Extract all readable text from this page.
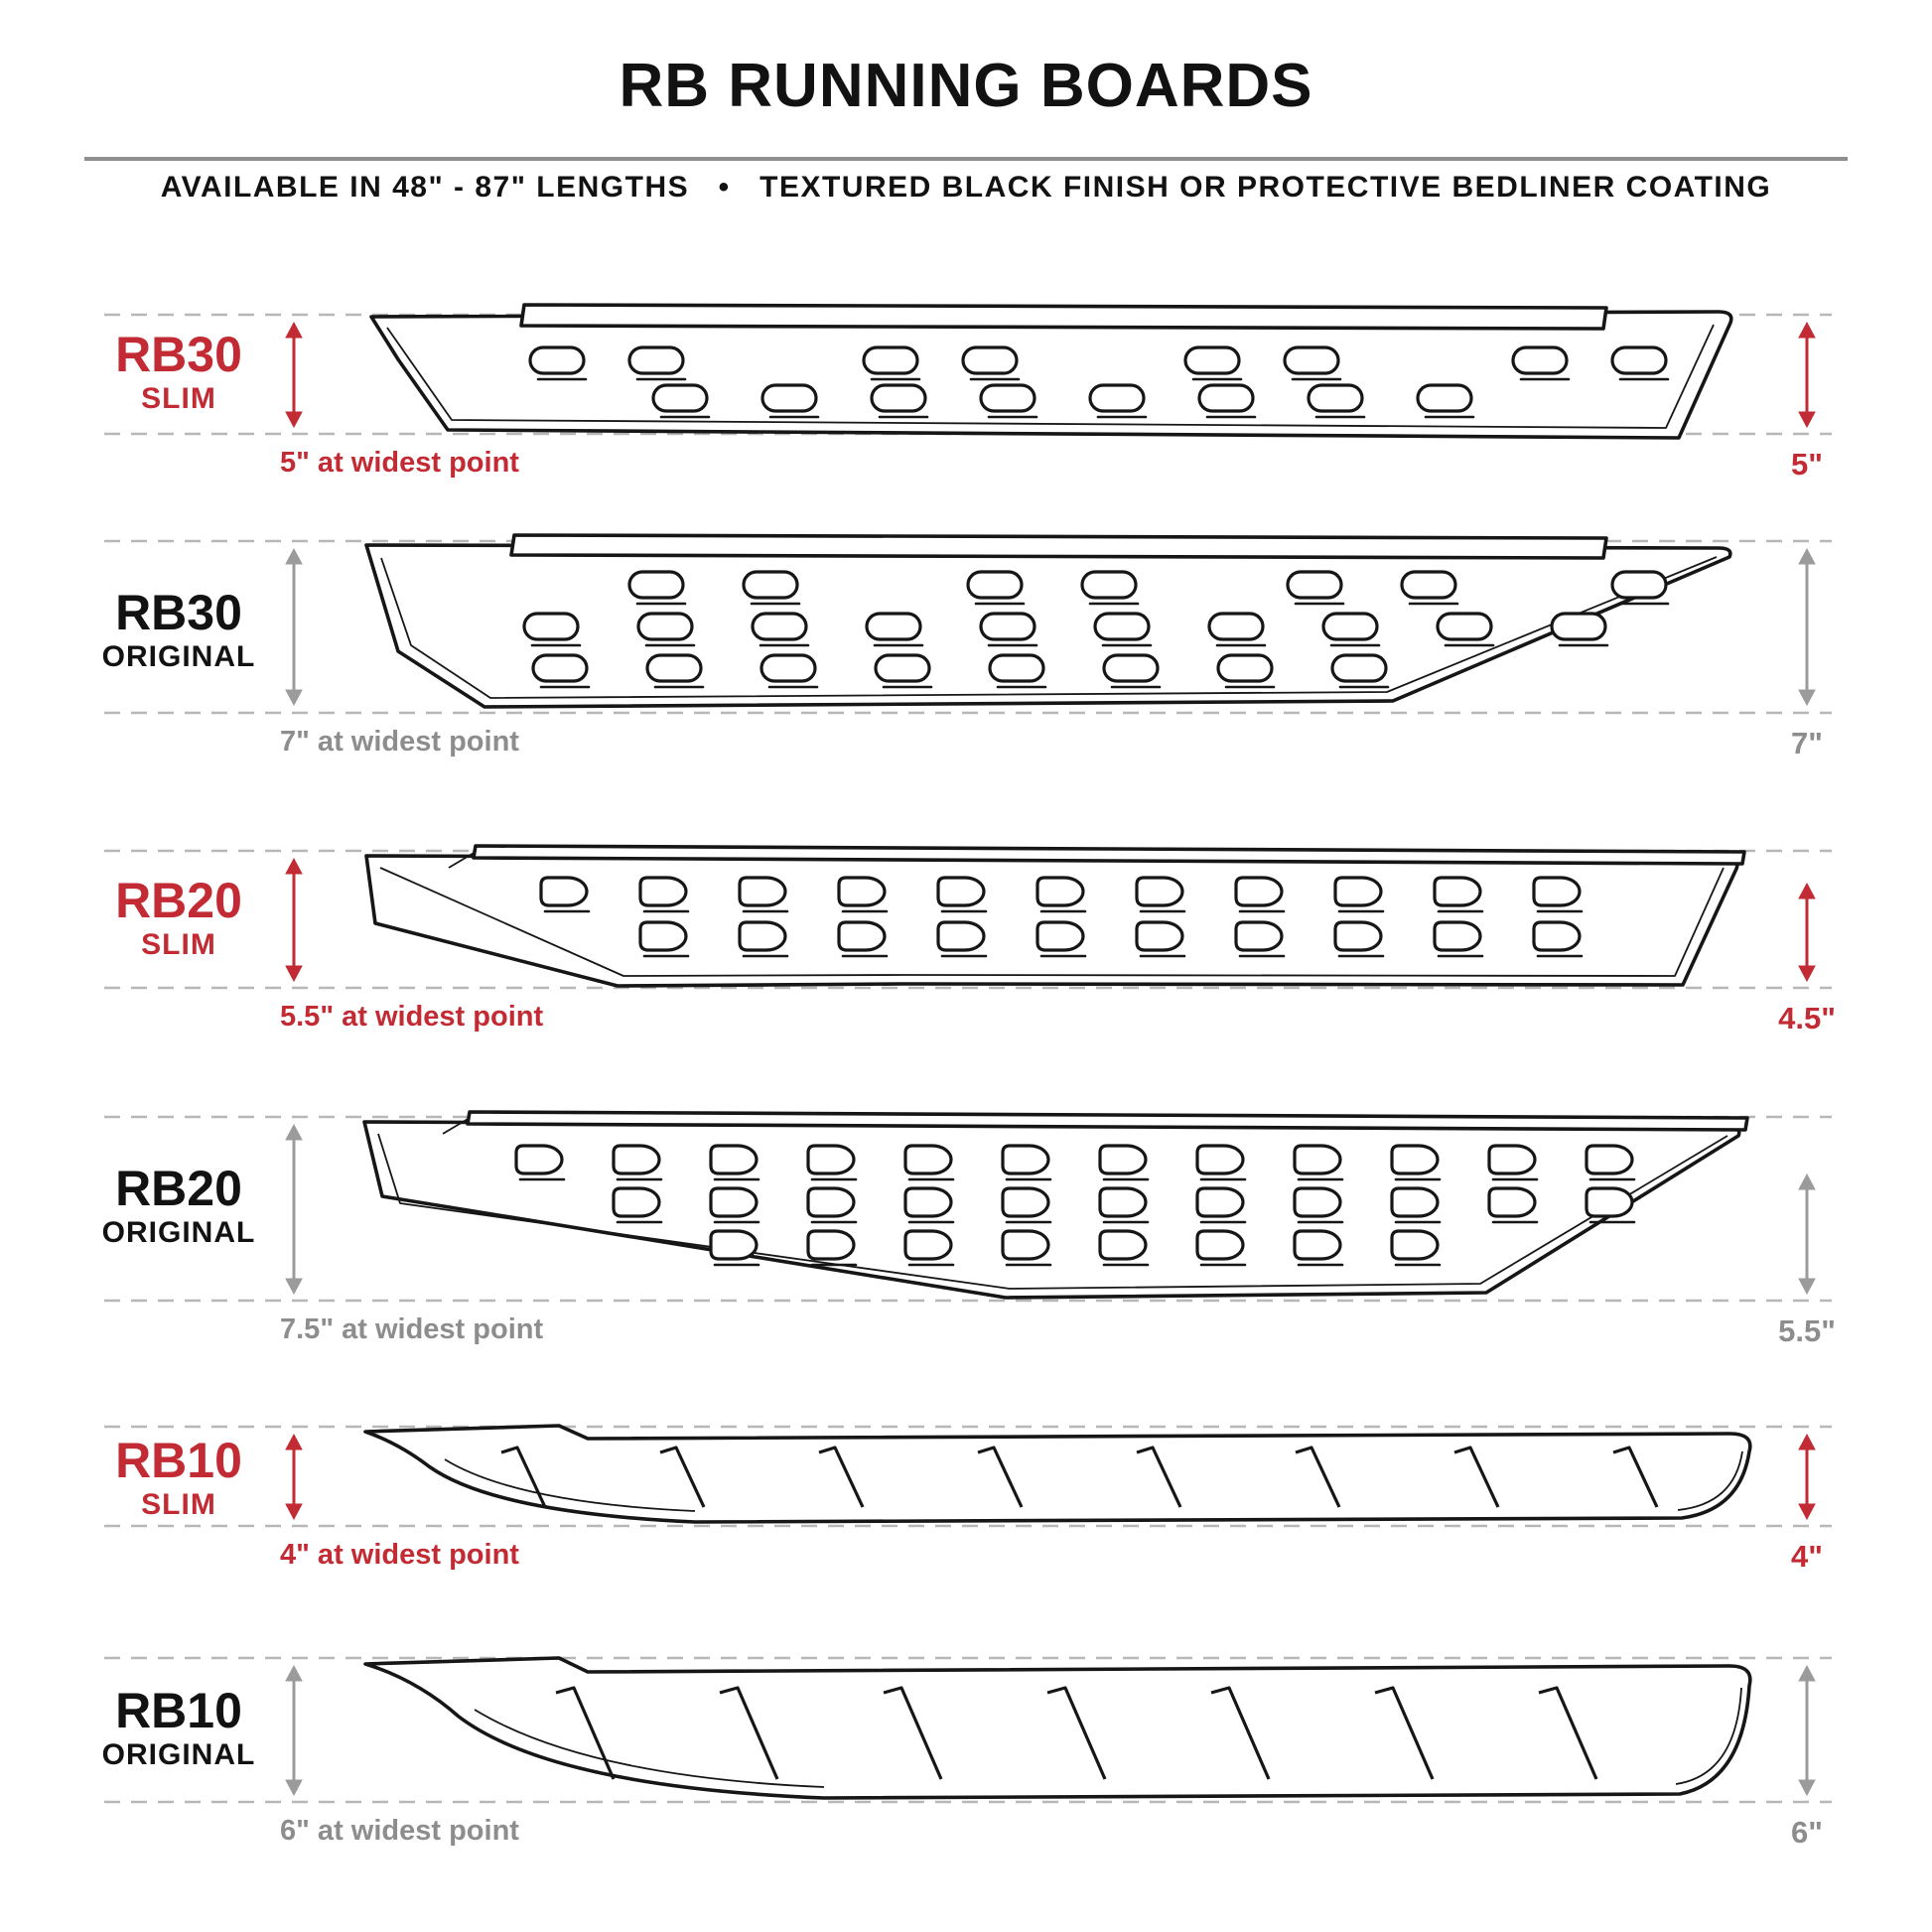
RB RUNNING BOARDS
AVAILABLE IN 48" - 87" LENGTHS   •   TEXTURED BLACK FINISH OR PROTECTIVE BEDLINER COATING
RB30
SLIM
RB30
ORIGINAL
RB20
SLIM
RB20
ORIGINAL
RB10
SLIM
RB10
ORIGINAL
5" at widest point
7" at widest point
5.5" at widest point
7.5" at widest point
4" at widest point
6" at widest point
5"
7"
4.5"
5.5"
4"
6"
